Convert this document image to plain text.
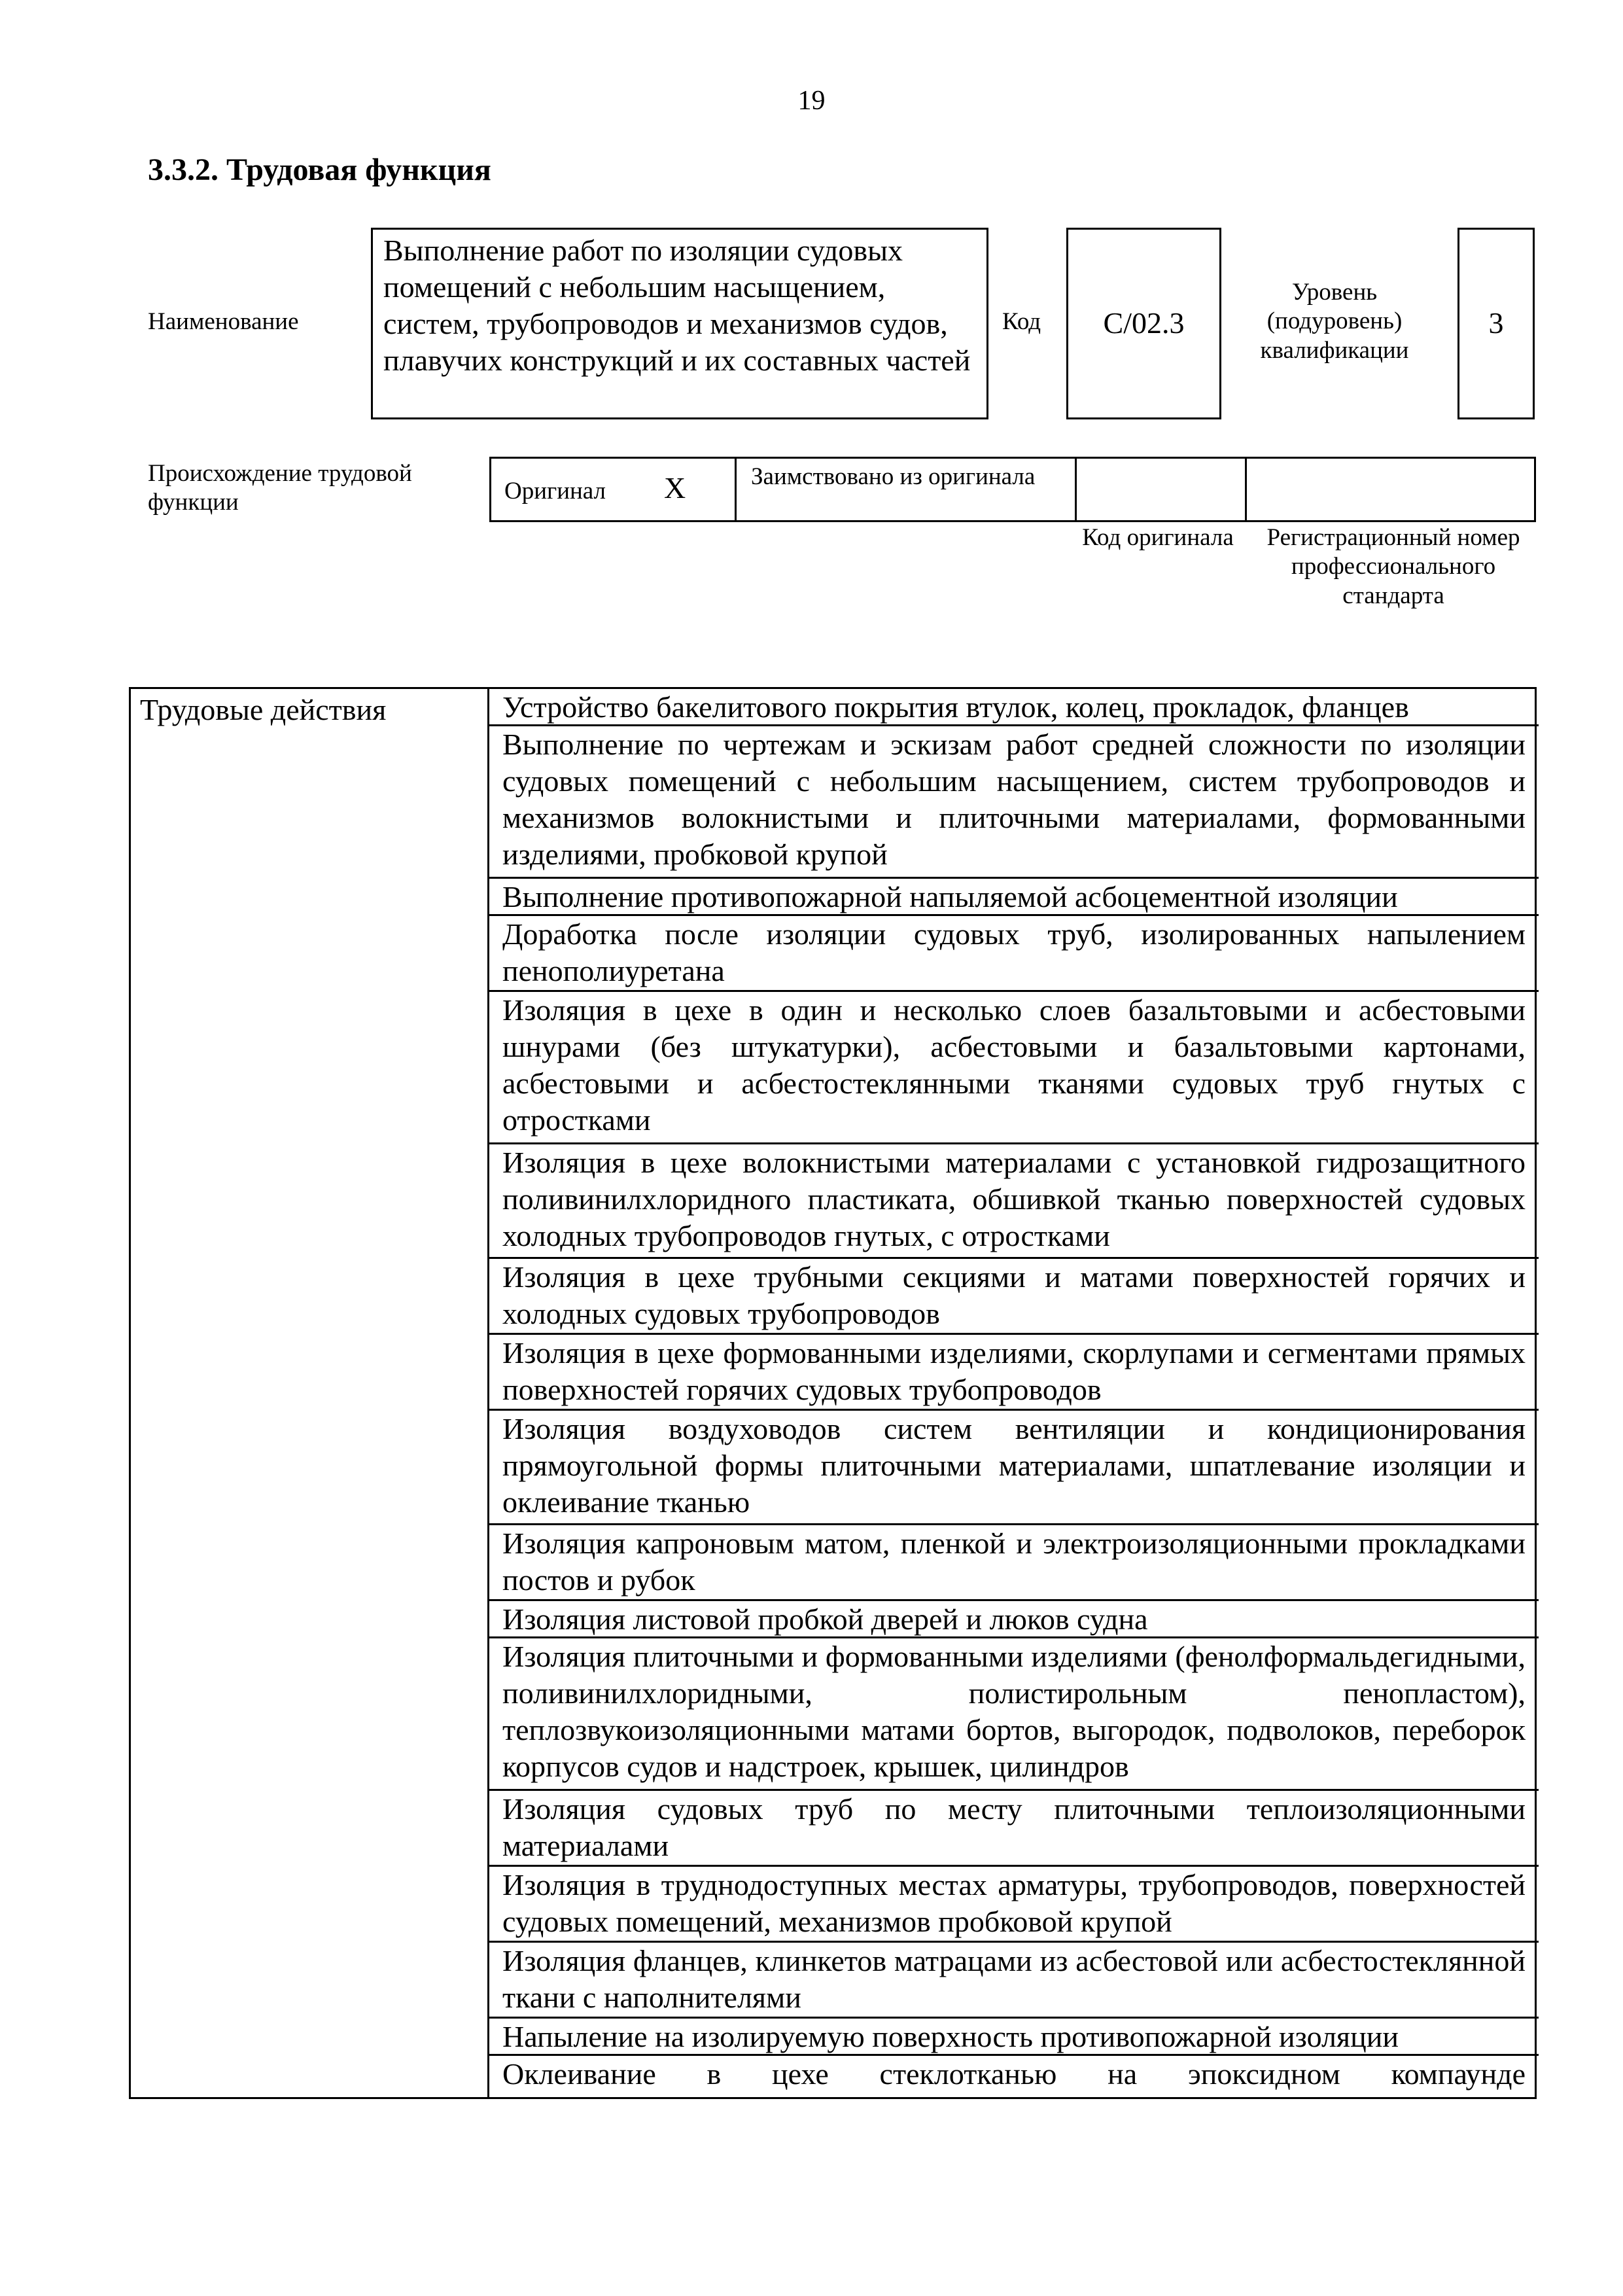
19
3.3.2. Трудовая функция
Наименование
Выполнение работ по изоляции судовых помещений с небольшим насыщением, систем, трубопроводов и механизмов судов, плавучих конструкций и их составных частей
Код C/02.3
Уровень (подуровень) квалификации
3
Происхождение трудовой функции	Оригинал X	Заимствовано из оригинала
Код оригинала	Регистрационный номер профессионального стандарта
Трудовые действия	Устройство бакелитового покрытия втулок, колец, прокладок, фланцев
Выполнение по чертежам и эскизам работ средней сложности по изоляции судовых помещений с небольшим насыщением, систем трубопроводов и механизмов волокнистыми и плиточными материалами, формованными изделиями, пробковой крупой
Выполнение противопожарной напыляемой асбоцементной изоляции
Доработка после изоляции судовых труб, изолированных напылением пенополиуретана
Изоляция в цехе в один и несколько слоев базальтовыми и асбестовыми шнурами (без штукатурки), асбестовыми и базальтовыми картонами, асбестовыми и асбестостеклянными тканями судовых труб гнутых с отростками
Изоляция в цехе волокнистыми материалами с установкой гидрозащитного поливинилхлоридного пластиката, обшивкой тканью поверхностей судовых холодных трубопроводов гнутых, с отростками
Изоляция в цехе трубными секциями и матами поверхностей горячих и холодных судовых трубопроводов
Изоляция в цехе формованными изделиями, скорлупами и сегментами прямых поверхностей горячих судовых трубопроводов
Изоляция воздуховодов систем вентиляции и кондиционирования прямоугольной формы плиточными материалами, шпатлевание изоляции и оклеивание тканью
Изоляция капроновым матом, пленкой и электроизоляционными прокладками постов и рубок
Изоляция листовой пробкой дверей и люков судна
Изоляция плиточными и формованными изделиями (фенолформальдегидными, поливинилхлоридными, полистирольным пенопластом), теплозвукоизоляционными матами бортов, выгородок, подволоков, переборок корпусов судов и надстроек, крышек, цилиндров
Изоляция судовых труб по месту плиточными теплоизоляционными материалами
Изоляция в труднодоступных местах арматуры, трубопроводов, поверхностей судовых помещений, механизмов пробковой крупой
Изоляция фланцев, клинкетов матрацами из асбестовой или асбестостеклянной ткани с наполнителями
Напыление на изолируемую поверхность противопожарной изоляции
Оклеивание в цехе стеклотканью на эпоксидном компаунде
